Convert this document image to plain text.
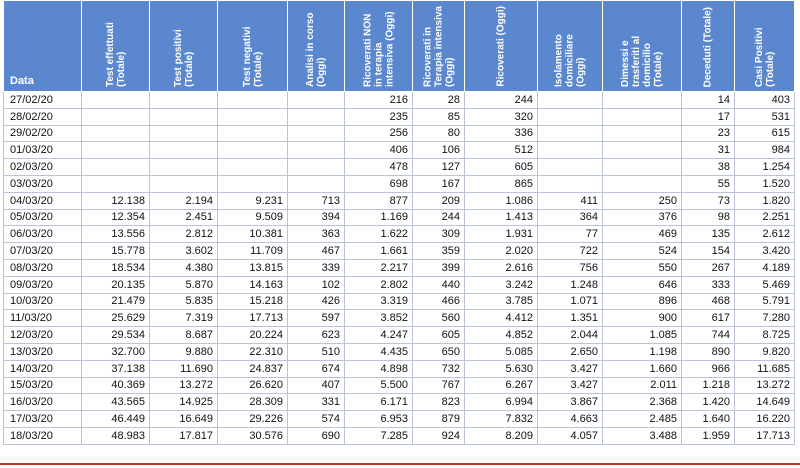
Data	Test effettuati (Totale)	Test positivi (Totale)	Test negativi (Totale)	Analisi in corso (Oggi)	Ricoverati NON in terapia intensiva (Oggi)	Ricoverati in Terapia intensiva (Oggi)	Ricoverati (Oggi)	Isolamento domiciliare (Oggi)	Dimessi e trasferiti al domicilio (Totale)	Deceduti (Totale)	Casi Positivi (Totale)

27/02/20					216	28	244			14	403
28/02/20					235	85	320			17	531
29/02/20					256	80	336			23	615
01/03/20					406	106	512			31	984
02/03/20					478	127	605			38	1.254
03/03/20					698	167	865			55	1.520
04/03/20	12.138	2.194	9.231	713	877	209	1.086	411	250	73	1.820
05/03/20	12.354	2.451	9.509	394	1.169	244	1.413	364	376	98	2.251
06/03/20	13.556	2.812	10.381	363	1.622	309	1.931	77	469	135	2.612
07/03/20	15.778	3.602	11.709	467	1.661	359	2.020	722	524	154	3.420
08/03/20	18.534	4.380	13.815	339	2.217	399	2.616	756	550	267	4.189
09/03/20	20.135	5.870	14.163	102	2.802	440	3.242	1.248	646	333	5.469
10/03/20	21.479	5.835	15.218	426	3.319	466	3.785	1.071	896	468	5.791
11/03/20	25.629	7.319	17.713	597	3.852	560	4.412	1.351	900	617	7.280
12/03/20	29.534	8.687	20.224	623	4.247	605	4.852	2.044	1.085	744	8.725
13/03/20	32.700	9.880	22.310	510	4.435	650	5.085	2.650	1.198	890	9.820
14/03/20	37.138	11.690	24.837	674	4.898	732	5.630	3.427	1.660	966	11.685
15/03/20	40.369	13.272	26.620	407	5.500	767	6.267	3.427	2.011	1.218	13.272
16/03/20	43.565	14.925	28.309	331	6.171	823	6.994	3.867	2.368	1.420	14.649
17/03/20	46.449	16.649	29.226	574	6.953	879	7.832	4.663	2.485	1.640	16.220
18/03/20	48.983	17.817	30.576	690	7.285	924	8.209	4.057	3.488	1.959	17.713
